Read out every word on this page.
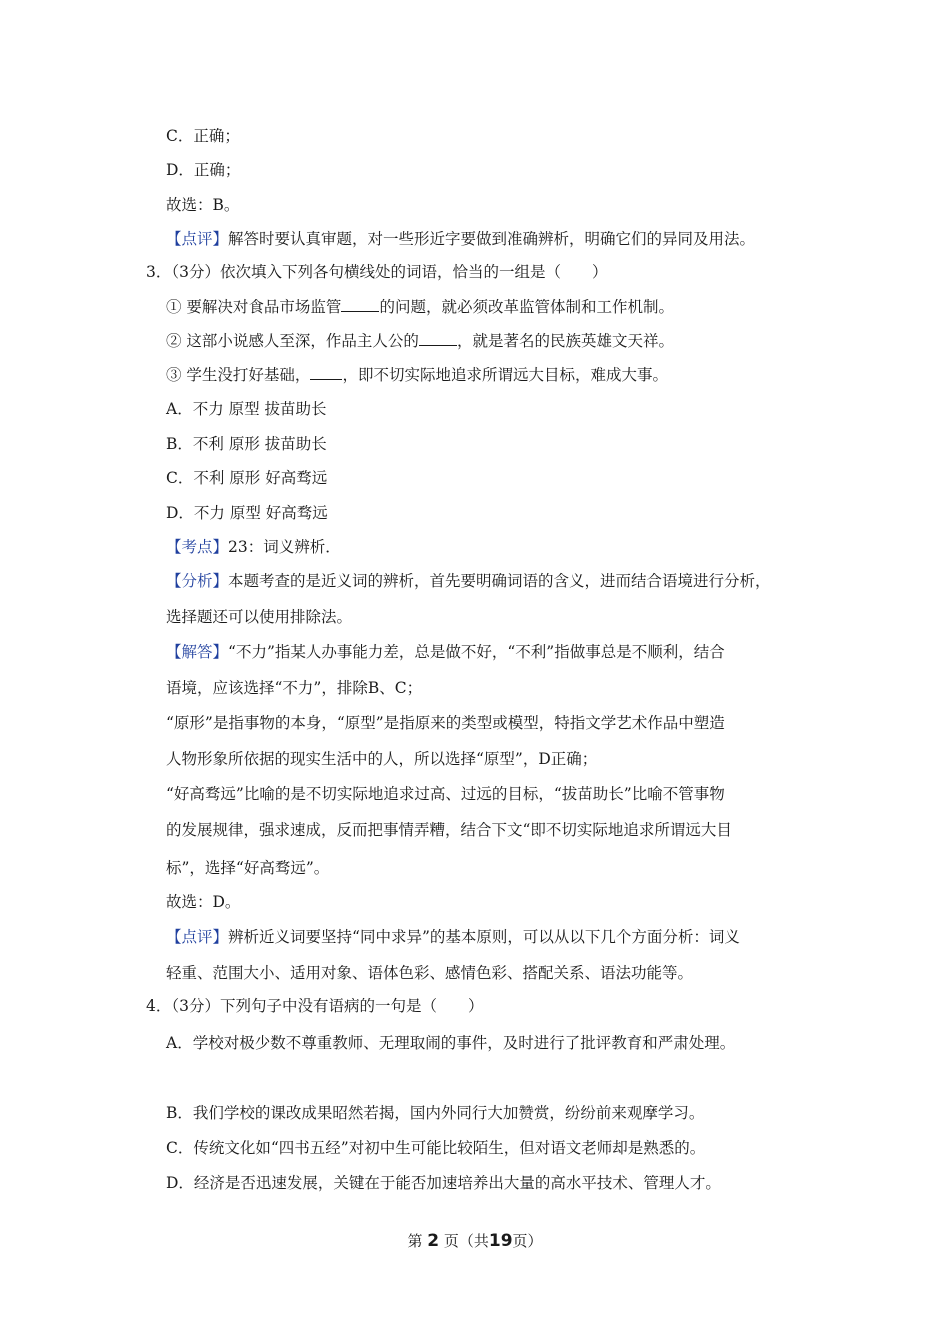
C．正确；
D．正确；
故选：B。
【点评】解答时要认真审题，对一些形近字要做到准确辨析，明确它们的异同及用法。
3．（3分）依次填入下列各句横线处的词语，恰当的一组是（　　）
① 要解决对食品市场监管 的问题，就必须改革监管体制和工作机制。
② 这部小说感人至深，作品主人公的 ，就是著名的民族英雄文天祥。
③ 学生没打好基础， ，即不切实际地追求所谓远大目标，难成大事。
A．不力 原型 拔苗助长
B．不利 原形 拔苗助长
C．不利 原形 好高骛远
D．不力 原型 好高骛远
【考点】23：词义辨析．
【分析】本题考查的是近义词的辨析，首先要明确词语的含义，进而结合语境进行分析，
选择题还可以使用排除法。
【解答】“不力”指某人办事能力差，总是做不好，“不利”指做事总是不顺利，结合
语境，应该选择“不力”，排除B、C；
“原形”是指事物的本身，“原型”是指原来的类型或模型，特指文学艺术作品中塑造
人物形象所依据的现实生活中的人，所以选择“原型”，D正确；
“好高骛远”比喻的是不切实际地追求过高、过远的目标，“拔苗助长”比喻不管事物
的发展规律，强求速成，反而把事情弄糟，结合下文“即不切实际地追求所谓远大目
标”，选择“好高骛远”。
故选：D。
【点评】辨析近义词要坚持“同中求异”的基本原则，可以从以下几个方面分析：词义
轻重、范围大小、适用对象、语体色彩、感情色彩、搭配关系、语法功能等。
4．（3分）下列句子中没有语病的一句是（　　）
A．学校对极少数不尊重教师、无理取闹的事件，及时进行了批评教育和严肃处理。
B．我们学校的课改成果昭然若揭，国内外同行大加赞赏，纷纷前来观摩学习。
C．传统文化如“四书五经”对初中生可能比较陌生，但对语文老师却是熟悉的。
D．经济是否迅速发展，关键在于能否加速培养出大量的高水平技术、管理人才。
第 2 页（共19页）
